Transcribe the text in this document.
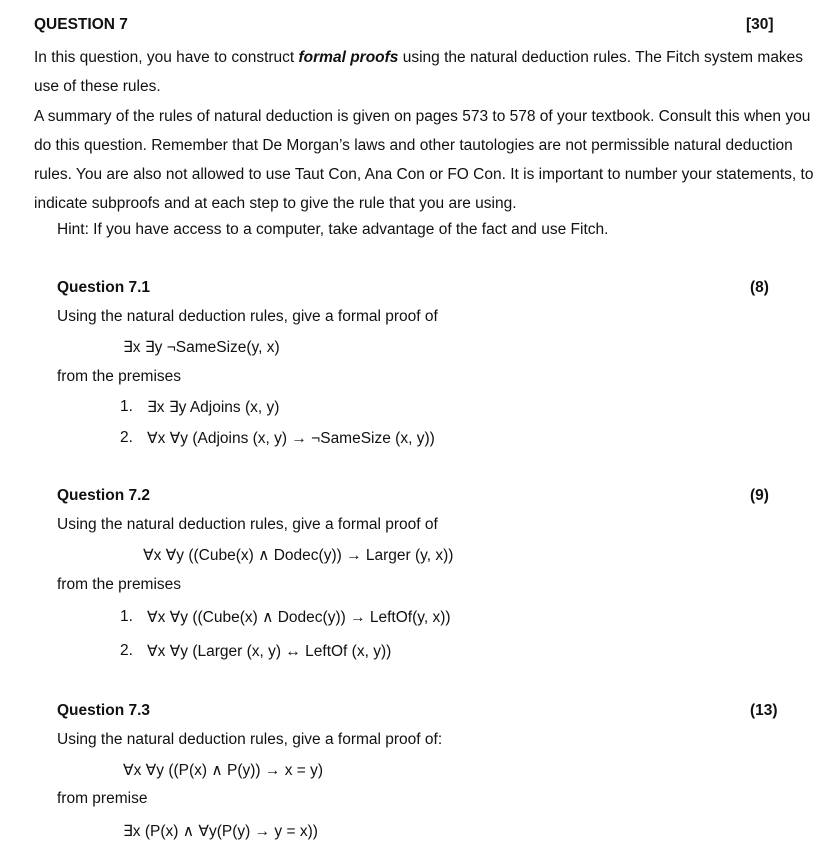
QUESTION 7	[30]

In this question, you have to construct formal proofs using the natural deduction rules. The Fitch system makes use of these rules.

A summary of the rules of natural deduction is given on pages 573 to 578 of your textbook. Consult this when you do this question. Remember that De Morgan’s laws and other tautologies are not permissible natural deduction rules. You are also not allowed to use Taut Con, Ana Con or FO Con. It is important to number your statements, to indicate subproofs and at each step to give the rule that you are using.

Hint: If you have access to a computer, take advantage of the fact and use Fitch.
Question 7.1	(8)
Using the natural deduction rules, give a formal proof of
∃x ∃y ¬SameSize(y, x)
from the premises
1. ∃x ∃y Adjoins (x, y)
2. ∀x ∀y (Adjoins (x, y) → ¬SameSize (x, y))
Question 7.2	(9)
Using the natural deduction rules, give a formal proof of
∀x ∀y ((Cube(x) ∧ Dodec(y)) → Larger (y, x))
from the premises
1. ∀x ∀y ((Cube(x) ∧ Dodec(y)) → LeftOf(y, x))
2. ∀x ∀y (Larger (x, y) ↔ LeftOf (x, y))
Question 7.3	(13)
Using the natural deduction rules, give a formal proof of:
∀x ∀y ((P(x) ∧ P(y)) → x = y)
from premise
∃x (P(x) ∧ ∀y(P(y) → y = x))
